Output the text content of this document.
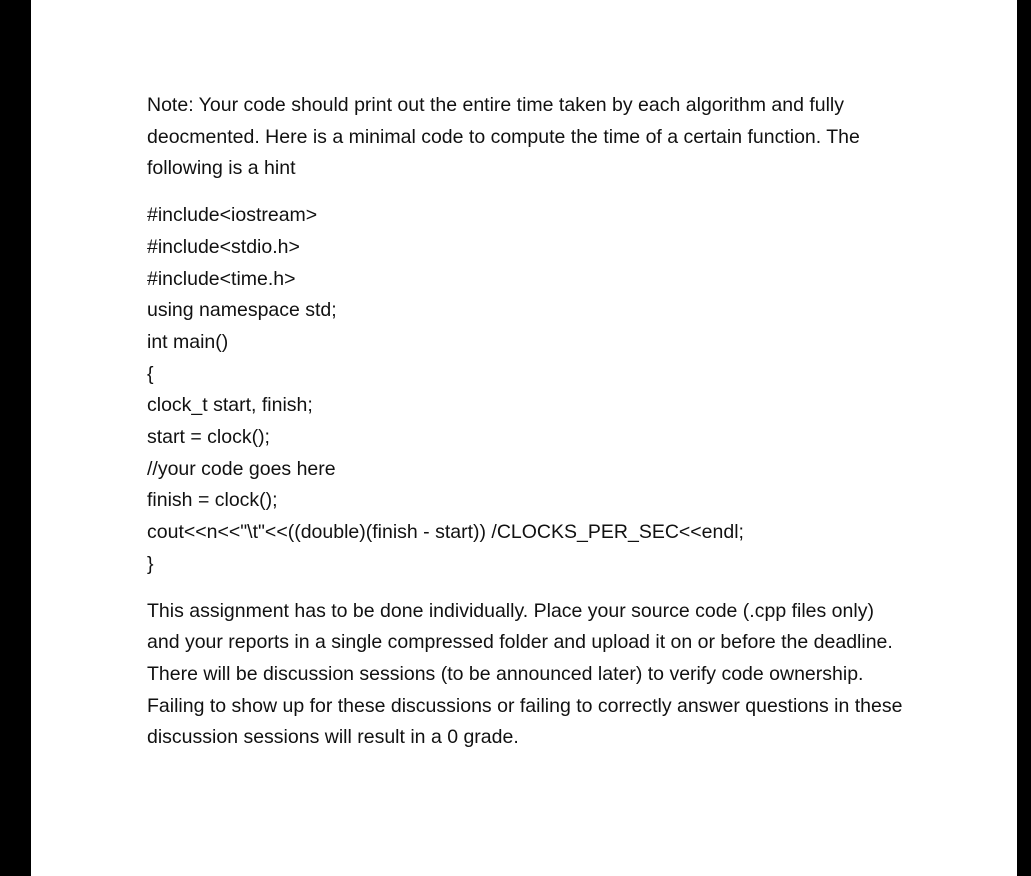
Note: Your code should print out the entire time taken by each algorithm and fully deocmented. Here is a minimal code to compute the time of a certain function. The following is a hint

#include<iostream>
#include<stdio.h>
#include<time.h>
using namespace std;
int main()
{
clock_t start, finish;
start = clock();
//your code goes here
finish = clock();
cout<<n<<"\t"<<((double)(finish - start)) /CLOCKS_PER_SEC<<endl;
}

This assignment has to be done individually. Place your source code (.cpp files only) and your reports in a single compressed folder and upload it on or before the deadline. There will be discussion sessions (to be announced later) to verify code ownership. Failing to show up for these discussions or failing to correctly answer questions in these discussion sessions will result in a 0 grade.
